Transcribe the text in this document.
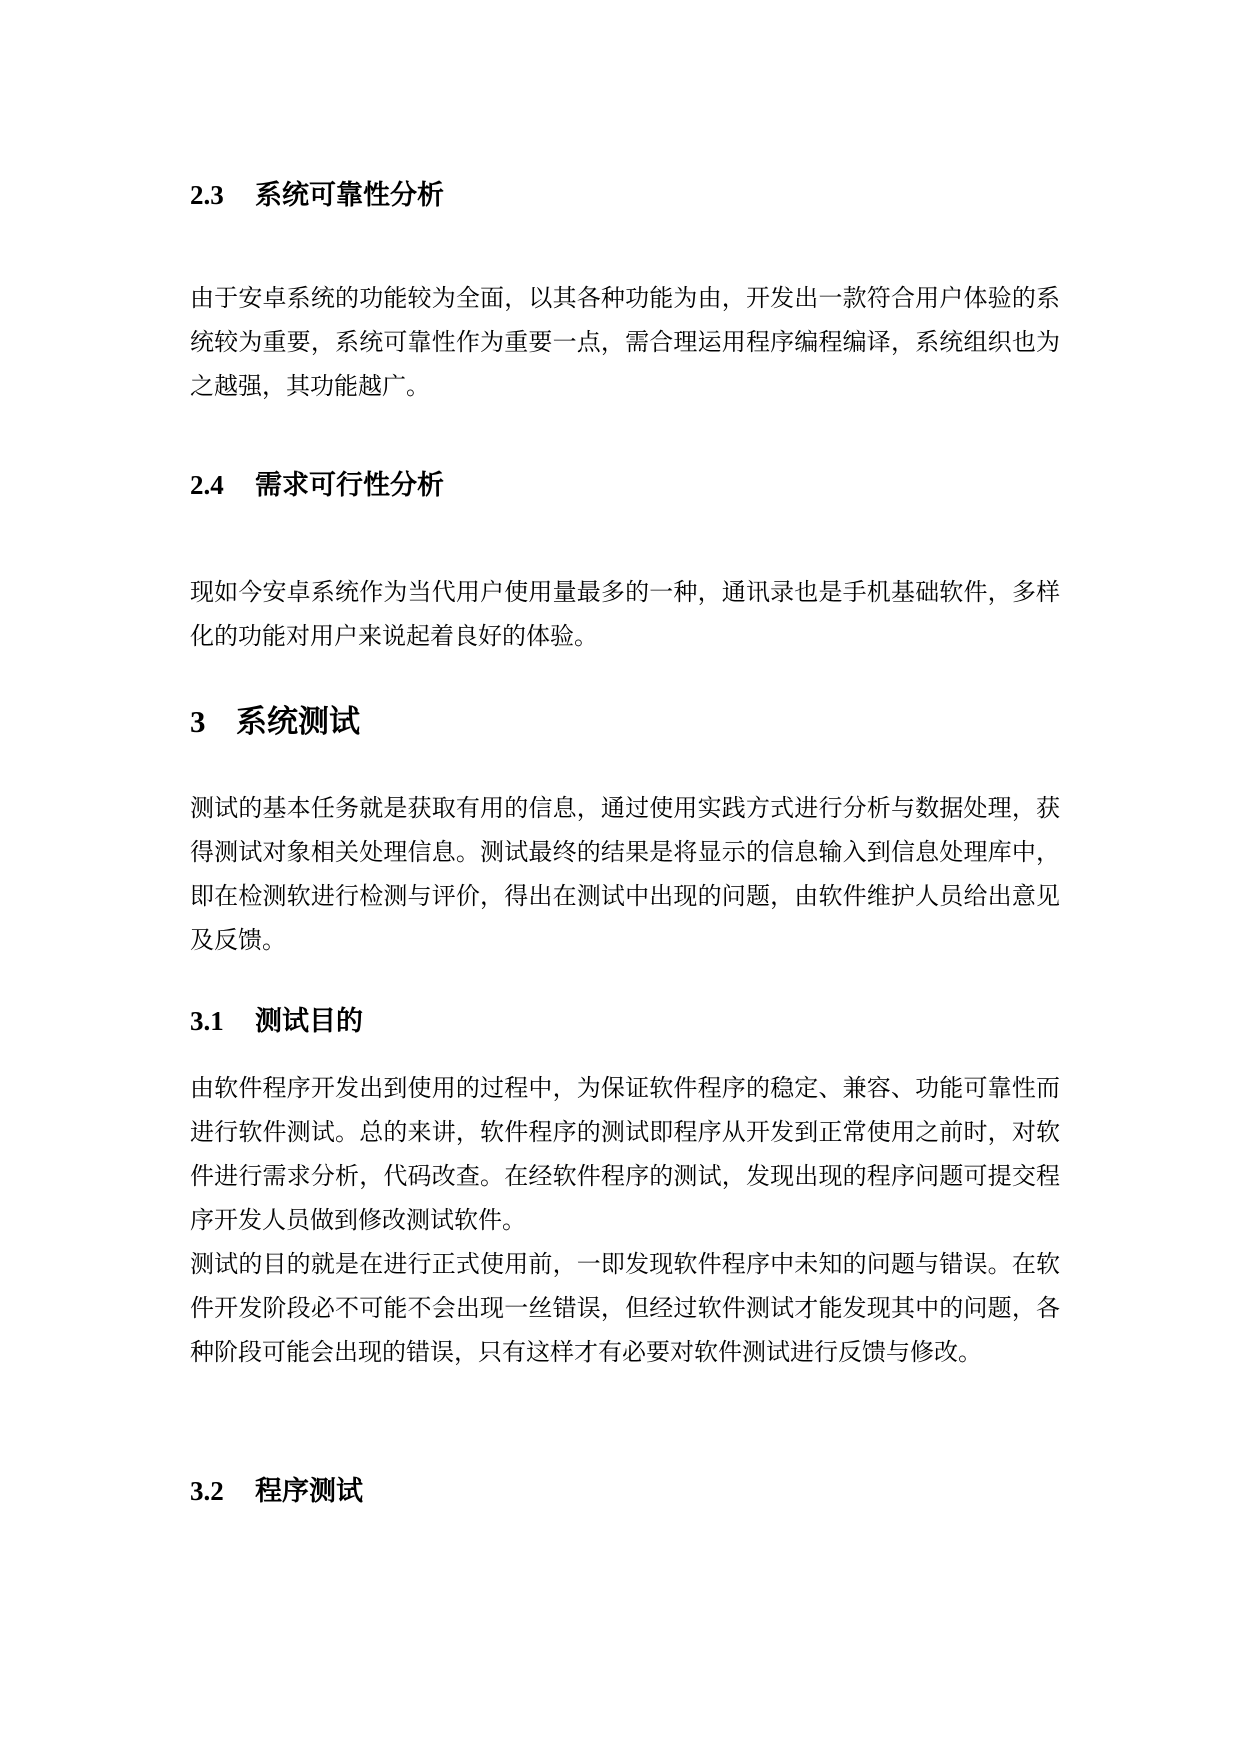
2.3	系统可靠性分析

由于安卓系统的功能较为全面，以其各种功能为由，开发出一款符合用户体验的系统较为重要，系统可靠性作为重要一点，需合理运用程序编程编译，系统组织也为之越强，其功能越广。

2.4	需求可行性分析

现如今安卓系统作为当代用户使用量最多的一种，通讯录也是手机基础软件，多样化的功能对用户来说起着良好的体验。

3 系统测试

测试的基本任务就是获取有用的信息，通过使用实践方式进行分析与数据处理，获得测试对象相关处理信息。测试最终的结果是将显示的信息输入到信息处理库中，即在检测软进行检测与评价，得出在测试中出现的问题，由软件维护人员给出意见及反馈。

3.1	测试目的

由软件程序开发出到使用的过程中，为保证软件程序的稳定、兼容、功能可靠性而进行软件测试。总的来讲，软件程序的测试即程序从开发到正常使用之前时，对软件进行需求分析，代码改查。在经软件程序的测试，发现出现的程序问题可提交程序开发人员做到修改测试软件。

测试的目的就是在进行正式使用前，一即发现软件程序中未知的问题与错误。在软件开发阶段必不可能不会出现一丝错误，但经过软件测试才能发现其中的问题，各种阶段可能会出现的错误，只有这样才有必要对软件测试进行反馈与修改。

3.2	程序测试
